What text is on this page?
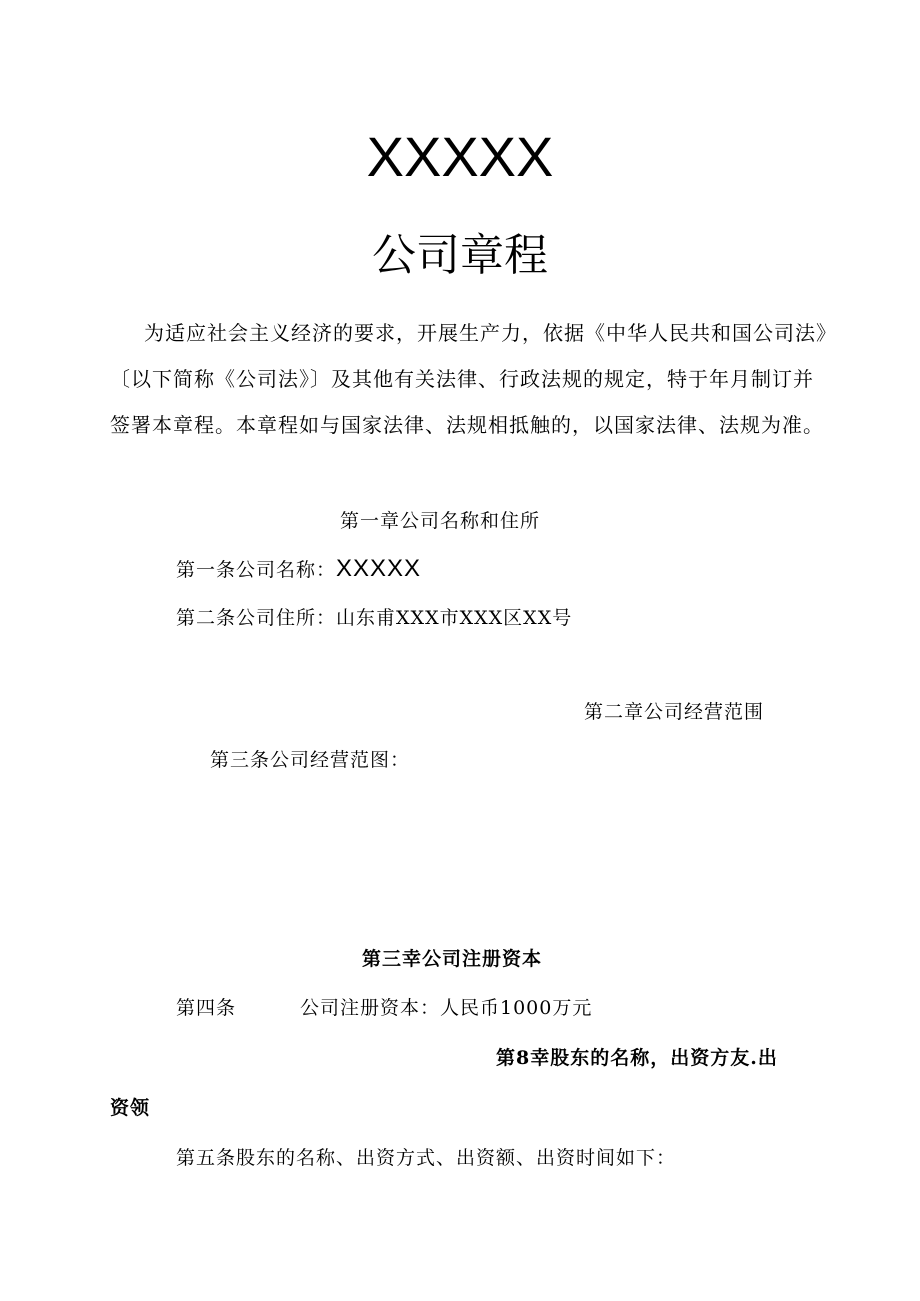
XXXXX
公司章程
为适应社会主义经济的要求，开展生产力，依据《中华人民共和国公司法》〔以下简称《公司法》〕及其他有关法律、行政法规的规定，特于年月制订并签署本章程。本章程如与国家法律、法规相抵触的，以国家法律、法规为准。
第一章公司名称和住所
第一条公司名称：XXXXX
第二条公司住所：山东甫XXX市XXX区XX号
第二章公司经营范围
第三条公司经营范图：
第三幸公司注册资本
第四条	公司注册资本：人民币1000万元
第8幸股东的名称，出资方友.出
资领
第五条股东的名称、出资方式、出资额、出资时间如下：
